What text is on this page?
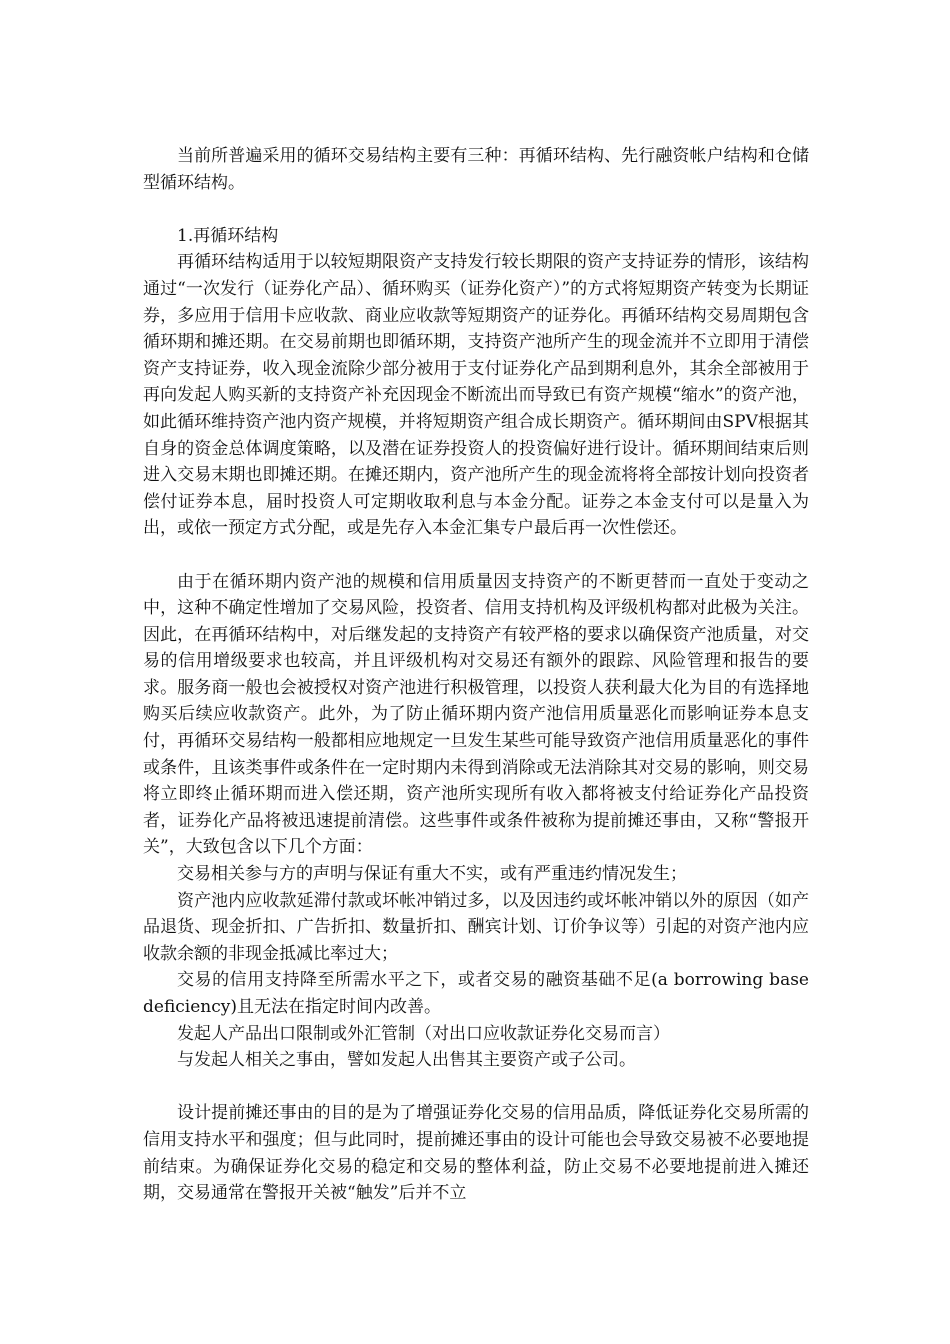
当前所普遍采用的循环交易结构主要有三种：再循环结构、先行融资帐户结构和仓储型循环结构。

1.再循环结构

再循环结构适用于以较短期限资产支持发行较长期限的资产支持证券的情形，该结构通过“一次发行（证券化产品）、循环购买（证券化资产）”的方式将短期资产转变为长期证券，多应用于信用卡应收款、商业应收款等短期资产的证券化。再循环结构交易周期包含循环期和摊还期。在交易前期也即循环期，支持资产池所产生的现金流并不立即用于清偿资产支持证券，收入现金流除少部分被用于支付证券化产品到期利息外，其余全部被用于再向发起人购买新的支持资产补充因现金不断流出而导致已有资产规模“缩水”的资产池，如此循环维持资产池内资产规模，并将短期资产组合成长期资产。循环期间由SPV根据其自身的资金总体调度策略，以及潜在证券投资人的投资偏好进行设计。循环期间结束后则进入交易末期也即摊还期。在摊还期内，资产池所产生的现金流将将全部按计划向投资者偿付证券本息，届时投资人可定期收取利息与本金分配。证券之本金支付可以是量入为出，或依一预定方式分配，或是先存入本金汇集专户最后再一次性偿还。

由于在循环期内资产池的规模和信用质量因支持资产的不断更替而一直处于变动之中，这种不确定性增加了交易风险，投资者、信用支持机构及评级机构都对此极为关注。因此，在再循环结构中，对后继发起的支持资产有较严格的要求以确保资产池质量，对交易的信用增级要求也较高，并且评级机构对交易还有额外的跟踪、风险管理和报告的要求。服务商一般也会被授权对资产池进行积极管理，以投资人获利最大化为目的有选择地购买后续应收款资产。此外，为了防止循环期内资产池信用质量恶化而影响证券本息支付，再循环交易结构一般都相应地规定一旦发生某些可能导致资产池信用质量恶化的事件或条件，且该类事件或条件在一定时期内未得到消除或无法消除其对交易的影响，则交易将立即终止循环期而进入偿还期，资产池所实现所有收入都将被支付给证券化产品投资者，证券化产品将被迅速提前清偿。这些事件或条件被称为提前摊还事由，又称“警报开关”，大致包含以下几个方面：

交易相关参与方的声明与保证有重大不实，或有严重违约情况发生；

资产池内应收款延滞付款或坏帐冲销过多，以及因违约或坏帐冲销以外的原因（如产品退货、现金折扣、广告折扣、数量折扣、酬宾计划、订价争议等）引起的对资产池内应收款余额的非现金抵减比率过大；

交易的信用支持降至所需水平之下，或者交易的融资基础不足(a borrowing base deficiency)且无法在指定时间内改善。

发起人产品出口限制或外汇管制（对出口应收款证券化交易而言）

与发起人相关之事由，譬如发起人出售其主要资产或子公司。

设计提前摊还事由的目的是为了增强证券化交易的信用品质，降低证券化交易所需的信用支持水平和强度；但与此同时，提前摊还事由的设计可能也会导致交易被不必要地提前结束。为确保证券化交易的稳定和交易的整体利益，防止交易不必要地提前进入摊还期，交易通常在警报开关被“触发”后并不立
